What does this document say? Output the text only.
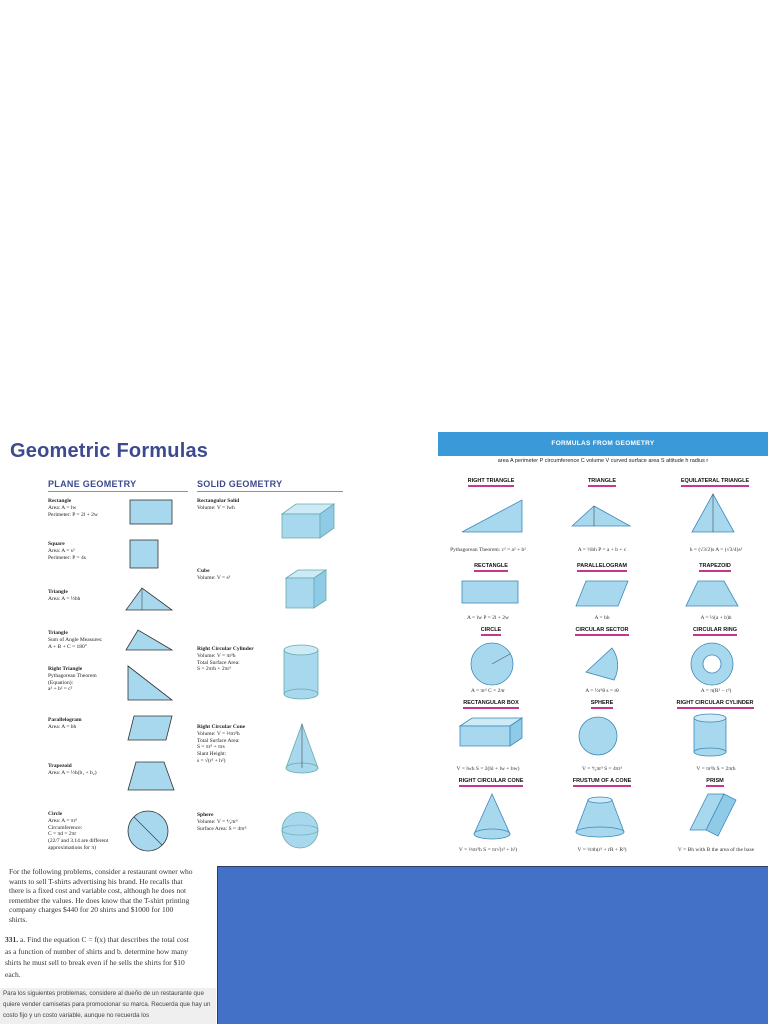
Geometric Formulas
PLANE GEOMETRY	SOLID GEOMETRY
Rectangle
Area: A = lw
Perimeter: P = 2l + 2w
Square
Area: A = s²
Perimeter: P = 4s
Triangle
Area: A = ½bh
Triangle
Sum of Angle Measures:
A + B + C = 180°
Right Triangle
Pythagorean Theorem
(Equation):
a² + b² = c²
Parallelogram
Area: A = bh
Trapezoid
Area: A = ½h(b₁ + b₂)
Circle
Area: A = πr²
Circumference:
C = πd = 2πr
(22/7 and 3.14 are different
approximations for π)
Rectangular Solid
Volume: V = lwh
Cube
Volume: V = s³
Right Circular Cylinder
Volume: V = πr²h
Total Surface Area:
S = 2πrh + 2πr²
Right Circular Cone
Volume: V = ⅓πr²h
Total Surface Area:
S = πr² + πrs
Slant Height:
s = √(r² + h²)
Sphere
Volume: V = ⁴⁄₃πr³
Surface Area: S = 4πr²
FORMULAS FROM GEOMETRY
area A perimeter P circumference C volume V curved surface area S altitude h radius r
RIGHT TRIANGLE	TRIANGLE	EQUILATERAL TRIANGLE
Pythagorean Theorem: c² = a² + b²	A = ½bh P = a + b + c	h = (√3/2)s A = (√3/4)s²
RECTANGLE	PARALLELOGRAM	TRAPEZOID
A = lw P = 2l + 2w	A = bh	A = ½(a + b)h
CIRCLE	CIRCULAR SECTOR	CIRCULAR RING
A = πr² C = 2πr	A = ½r²θ s = rθ	A = π(R² − r²)
RECTANGULAR BOX	SPHERE	RIGHT CIRCULAR CYLINDER
V = lwh S = 2(hl + lw + hw)	V = ⁴⁄₃πr³ S = 4πr²	V = πr²h S = 2πrh
RIGHT CIRCULAR CONE	FRUSTUM OF A CONE	PRISM
V = ⅓πr²h S = πr√(r² + h²)	V = ⅓πh(r² + rR + R²)	V = Bh with B the area of the base
For the following problems, consider a restaurant owner who wants to sell T-shirts advertising his brand. He recalls that there is a fixed cost and variable cost, although he does not remember the values. He does know that the T-shirt printing company charges $440 for 20 shirts and $1000 for 100 shirts.
331. a. Find the equation C = f(x) that describes the total cost as a function of number of shirts and b. determine how many shirts he must sell to break even if he sells the shirts for $10 each.
Para los siguientes problemas, considere al dueño de un restaurante que quiere vender camisetas para promocionar su marca. Recuerda que hay un costo fijo y un costo variable, aunque no recuerda los
